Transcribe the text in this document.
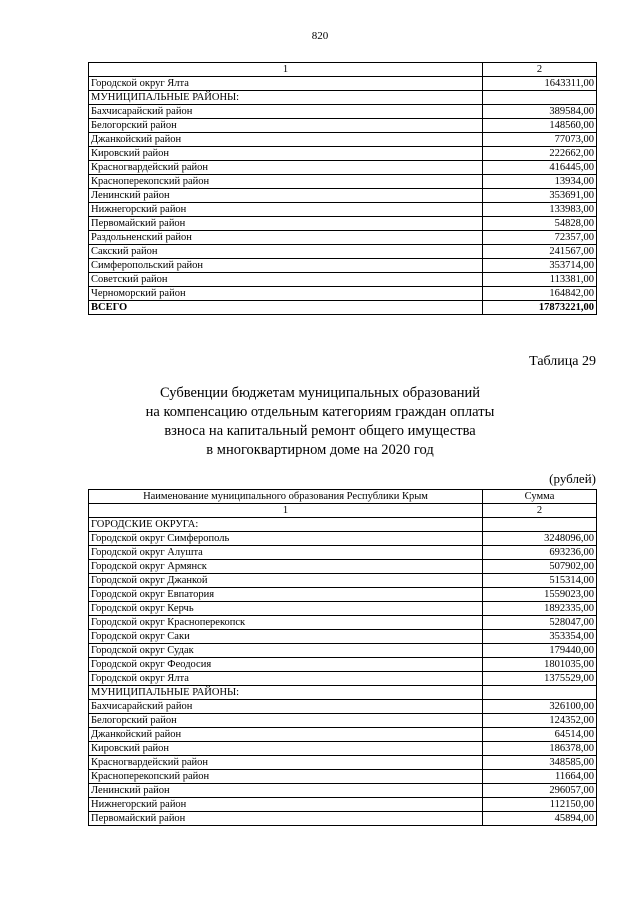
820
1	2
Городской округ Ялта	1643311,00
МУНИЦИПАЛЬНЫЕ РАЙОНЫ:	
Бахчисарайский район	389584,00
Белогорский район	148560,00
Джанкойский район	77073,00
Кировский район	222662,00
Красногвардейский район	416445,00
Красноперекопский район	13934,00
Ленинский район	353691,00
Нижнегорский район	133983,00
Первомайский район	54828,00
Раздольненский район	72357,00
Сакский район	241567,00
Симферопольский район	353714,00
Советский район	113381,00
Черноморский район	164842,00
ВСЕГО	17873221,00
Таблица 29
Субвенции бюджетам муниципальных образований
на компенсацию отдельным категориям граждан оплаты
взноса на капитальный ремонт общего имущества
в многоквартирном доме на 2020 год
(рублей)
Наименование муниципального образования Республики Крым	Сумма
1	2
ГОРОДСКИЕ ОКРУГА:	
Городской округ Симферополь	3248096,00
Городской округ Алушта	693236,00
Городской округ Армянск	507902,00
Городской округ Джанкой	515314,00
Городской округ Евпатория	1559023,00
Городской округ Керчь	1892335,00
Городской округ Красноперекопск	528047,00
Городской округ Саки	353354,00
Городской округ Судак	179440,00
Городской округ Феодосия	1801035,00
Городской округ Ялта	1375529,00
МУНИЦИПАЛЬНЫЕ РАЙОНЫ:	
Бахчисарайский район	326100,00
Белогорский район	124352,00
Джанкойский район	64514,00
Кировский район	186378,00
Красногвардейский район	348585,00
Красноперекопский район	11664,00
Ленинский район	296057,00
Нижнегорский район	112150,00
Первомайский район	45894,00
